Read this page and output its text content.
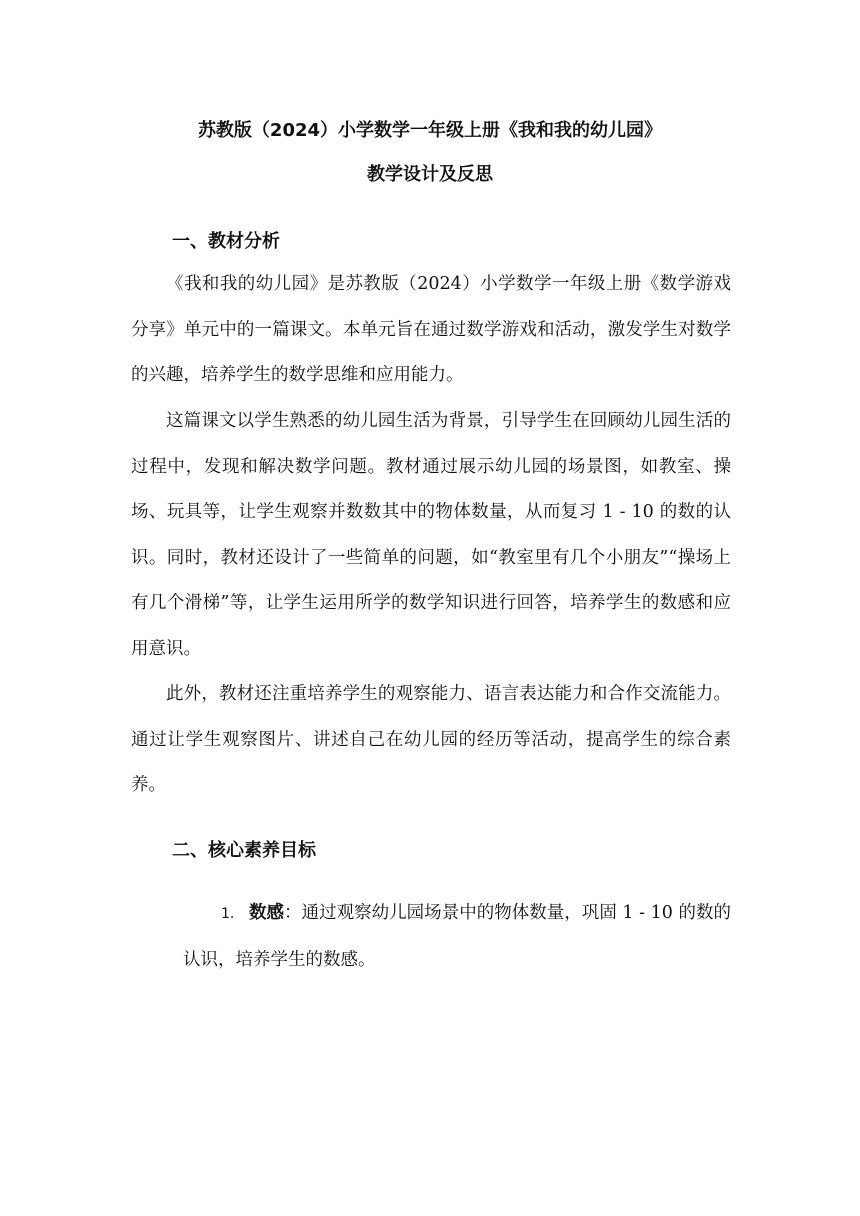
苏教版（2024）小学数学一年级上册《我和我的幼儿园》
教学设计及反思
一、教材分析

《我和我的幼儿园》是苏教版（2024）小学数学一年级上册《数学游戏分享》单元中的一篇课文。本单元旨在通过数学游戏和活动，激发学生对数学的兴趣，培养学生的数学思维和应用能力。

这篇课文以学生熟悉的幼儿园生活为背景，引导学生在回顾幼儿园生活的过程中，发现和解决数学问题。教材通过展示幼儿园的场景图，如教室、操场、玩具等，让学生观察并数数其中的物体数量，从而复习 1 - 10 的数的认识。同时，教材还设计了一些简单的问题，如“教室里有几个小朋友”“操场上有几个滑梯”等，让学生运用所学的数学知识进行回答，培养学生的数感和应用意识。

此外，教材还注重培养学生的观察能力、语言表达能力和合作交流能力。通过让学生观察图片、讲述自己在幼儿园的经历等活动，提高学生的综合素养。

二、核心素养目标

1. 数感：通过观察幼儿园场景中的物体数量，巩固 1 - 10 的数的认识，培养学生的数感。
